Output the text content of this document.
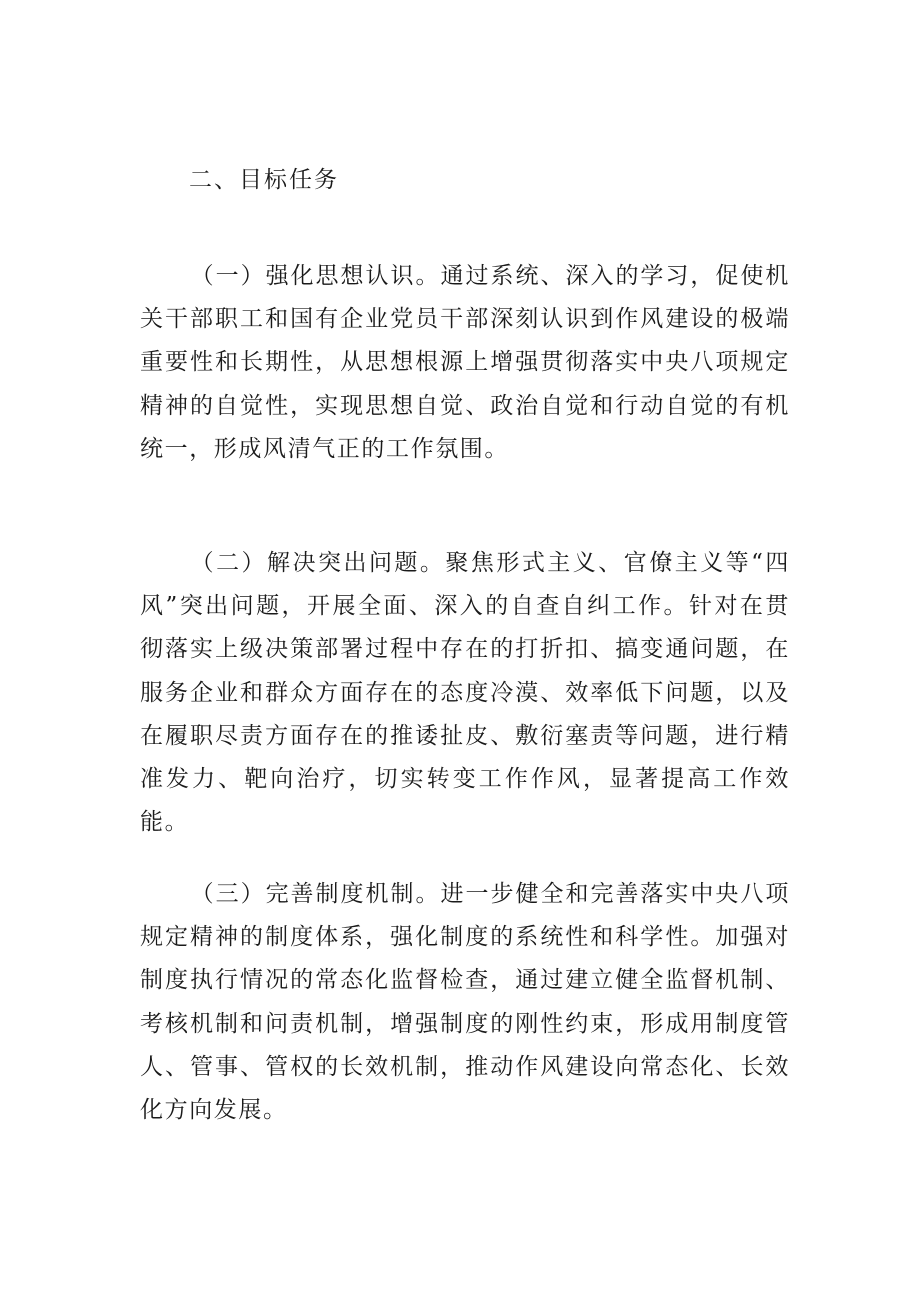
二、目标任务

（一）强化思想认识。通过系统、深入的学习，促使机关干部职工和国有企业党员干部深刻认识到作风建设的极端重要性和长期性，从思想根源上增强贯彻落实中央八项规定精神的自觉性，实现思想自觉、政治自觉和行动自觉的有机统一，形成风清气正的工作氛围。

（二）解决突出问题。聚焦形式主义、官僚主义等“四风”突出问题，开展全面、深入的自查自纠工作。针对在贯彻落实上级决策部署过程中存在的打折扣、搞变通问题，在服务企业和群众方面存在的态度冷漠、效率低下问题，以及在履职尽责方面存在的推诿扯皮、敷衍塞责等问题，进行精准发力、靶向治疗，切实转变工作作风，显著提高工作效能。

（三）完善制度机制。进一步健全和完善落实中央八项规定精神的制度体系，强化制度的系统性和科学性。加强对制度执行情况的常态化监督检查，通过建立健全监督机制、考核机制和问责机制，增强制度的刚性约束，形成用制度管人、管事、管权的长效机制，推动作风建设向常态化、长效化方向发展。
